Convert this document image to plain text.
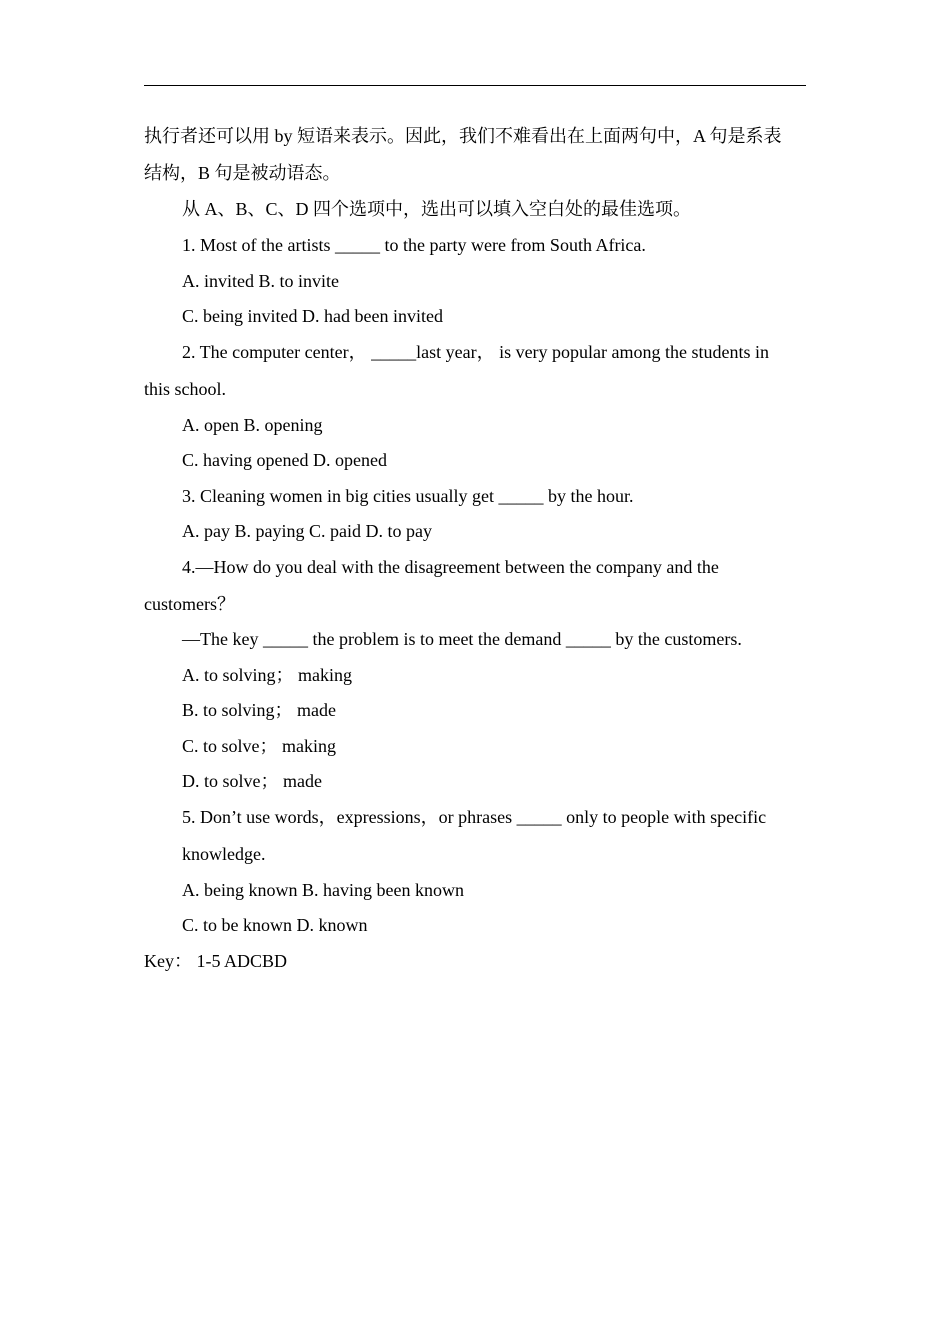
执行者还可以用 by 短语来表示。因此，我们不难看出在上面两句中，A 句是系表
结构，B 句是被动语态。
从 A、B、C、D 四个选项中，选出可以填入空白处的最佳选项。
1. Most of the artists _____ to the party were from South Africa.
A. invited B. to invite
C. being invited D. had been invited
2. The computer center， _____last year， is very popular among the students in
this school.
A. open B. opening
C. having opened D. opened
3. Cleaning women in big cities usually get _____ by the hour.
A. pay B. paying C. paid D. to pay
4.—How do you deal with the disagreement between the company and the
customers？
—The key _____ the problem is to meet the demand _____ by the customers.
A. to solving； making
B. to solving； made
C. to solve； making
D. to solve； made
5. Don’t use words，expressions，or phrases _____ only to people with specific
knowledge.
A. being known B. having been known
C. to be known D. known
Key： 1-5 ADCBD
